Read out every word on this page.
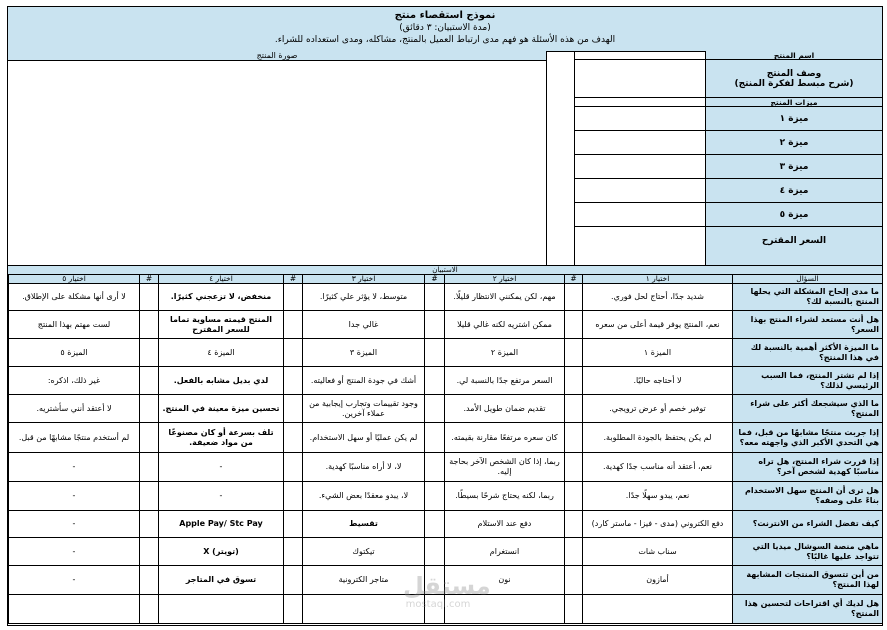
نموذج استقصاء منتج
(مدة الاستبيان: ٣ دقائق)
الهدف من هذه الأسئلة هو فهم مدى ارتباط العميل بالمنتج، مشاكله، ومدى استعداده للشراء.
صورة المنتج	اسم المنتج
وصف المنتج
(شرح مبسط لفكرة المنتج)
ميزات المنتج
ميزة ١
ميزة ٢
ميزة ٣
ميزة ٤
ميزة ٥
السعر المقترح
الاستبيان
السؤال	اختيار ١	#	اختيار ٢	#	اختيار ٣	#	اختيار ٤	#	اختيار ٥
ما مدى إلحاح المشكلة التي يحلها المنتج بالنسبة لك؟	شديد جدًا، أحتاج لحل فوري.		مهم، لكن يمكنني الانتظار قليلًا.		متوسط، لا يؤثر علي كثيرًا.		منخفض، لا تزعجني كثيرًا.		لا أرى أنها مشكلة على الإطلاق.
هل أنت مستعد لشراء المنتج بهذا السعر؟	نعم، المنتج يوفر قيمة أعلى من سعره		ممكن اشتريه لكنه غالي قليلا		غالي جدا		المنتج قيمته مساوية تماما للسعر المقترح		لست مهتم بهذا المنتج
ما الميزة الأكثر أهمية بالنسبة لك في هذا المنتج؟	الميزة ١		الميزة ٢		الميزة ٣		الميزة ٤		الميزة ٥
إذا لم تشتر المنتج، فما السبب الرئيسي لذلك؟	لا أحتاجه حاليًا.		السعر مرتفع جدًا بالنسبة لي.		أشك في جودة المنتج أو فعاليته.		لدي بديل مشابه بالفعل.		غير ذلك، اذكره:
ما الذي سيشجعك أكثر على شراء المنتج؟	توفير خصم أو عرض ترويجي.		تقديم ضمان طويل الأمد.		وجود تقييمات وتجارب إيجابية من عملاء آخرين.		تحسين ميزة معينة في المنتج.		لا أعتقد أنني سأشتريه.
إذا جربت منتجًا مشابهًا من قبل، فما هي التحدي الأكبر الذي واجهته معه؟	لم يكن يحتفظ بالجودة المطلوبة.		كان سعره مرتفعًا مقارنة بقيمته.		لم يكن عمليًا أو سهل الاستخدام.		تلف بسرعة أو كان مصنوعًا من مواد ضعيفة.		لم أستخدم منتجًا مشابهًا من قبل.
إذا قررت شراء المنتج، هل تراه مناسبًا كهدية لشخص آخر؟	نعم، أعتقد أنه مناسب جدًا كهدية.		ربما، إذا كان الشخص الآخر بحاجة إليه.		لا، لا أراه مناسبًا كهدية.		-		-
هل ترى أن المنتج سهل الاستخدام بناءً على وصفه؟	نعم، يبدو سهلًا جدًا.		ربما، لكنه يحتاج شرحًا بسيطًا.		لا، يبدو معقدًا بعض الشيء.		-		-
كيف تفضل الشراء من الانترنت؟	دفع الكتروني (مدى - فيزا - ماستر كارد)		دفع عند الاستلام		تقسيط		Apple Pay/ Stc Pay		-
ماهي منصة السوشال ميديا التي تتواجد عليها غالبًا؟	سناب شات		انستغرام		تيكتوك		(تويتر) X		-
من أين تتسوق المنتجات المشابهة لهذا المنتج؟	أمازون		نون		متاجر الكترونية		تسوق في المتاجر		-
هل لديك أي اقتراحات لتحسين هذا المنتج؟									
مستقل
mostaql.com
